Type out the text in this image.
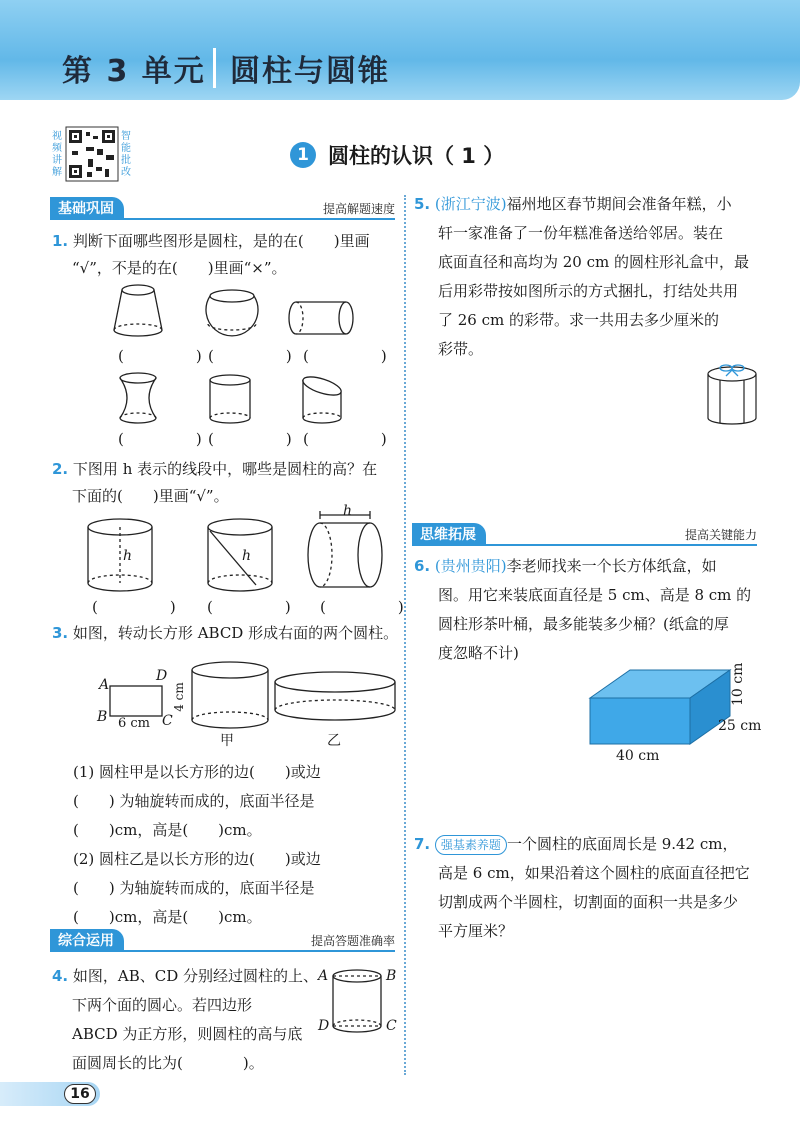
第 3 单元 圆柱与圆锥
视频讲解
智能批改
1 圆柱的认识（ 1 ）
基础巩固	提高解题速度
1. 判断下面哪些图形是圆柱，是的在(　　)里画
“√”，不是的在(　　)里画“×”。
(　　)
(　　)
(　　)
(　　)
(　　)
(　　)
2. 下图用 h 表示的线段中，哪些是圆柱的高？在
下面的(　　)里画“√”。
h	h
h
(　　) (　　) (　　)
3. 如图，转动长方形 ABCD 形成右面的两个圆柱。
A
D
B	C
6 cm
4 cm
甲	乙
(1) 圆柱甲是以长方形的边(　　)或边
(　　) 为轴旋转而成的，底面半径是
(　　)cm，高是(　　)cm。
(2) 圆柱乙是以长方形的边(　　)或边
(　　) 为轴旋转而成的，底面半径是
(　　)cm，高是(　　)cm。
综合运用	提高答题准确率
4. 如图，AB、CD 分别经过圆柱的上、
下两个面的圆心。若四边形
ABCD 为正方形，则圆柱的高与底
面圆周长的比为(　　　　)。
A	B
D	C
5. (浙江宁波)福州地区春节期间会准备年糕，小
轩一家准备了一份年糕准备送给邻居。装在
底面直径和高均为 20 cm 的圆柱形礼盒中，最
后用彩带按如图所示的方式捆扎，打结处共用
了 26 cm 的彩带。求一共用去多少厘米的
彩带。
思维拓展	提高关键能力
6. (贵州贵阳)李老师找来一个长方体纸盒，如
图。用它来装底面直径是 5 cm、高是 8 cm 的
圆柱形茶叶桶，最多能装多少桶？(纸盒的厚
度忽略不计)
40 cm
25 cm
10 cm
7. 强基素养题 一个圆柱的底面周长是 9.42 cm，
高是 6 cm，如果沿着这个圆柱的底面直径把它
切割成两个半圆柱，切割面的面积一共是多少
平方厘米？
16
